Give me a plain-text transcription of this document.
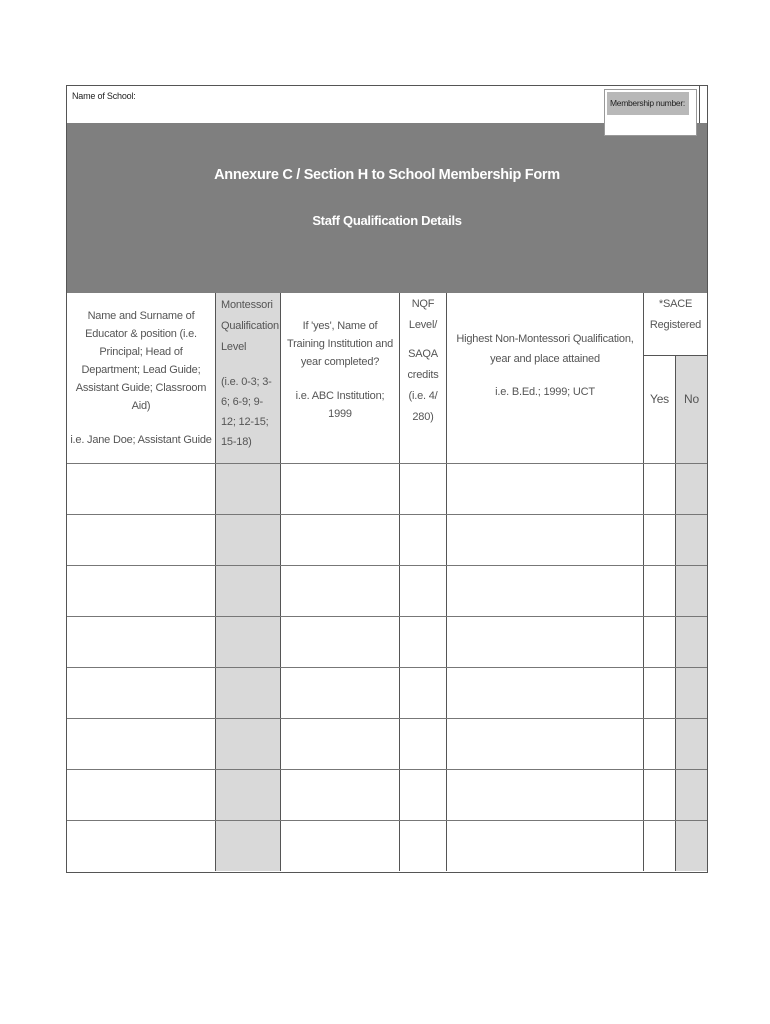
Name of School:
Membership number:
Annexure C / Section H to School Membership Form
Staff Qualification Details

Name and Surname of Educator & position (i.e. Principal; Head of Department; Lead Guide; Assistant Guide; Classroom Aid)

i.e. Jane Doe; Assistant Guide

Montessori Qualification Level

(i.e. 0-3; 3-6; 6-9; 9-12; 12-15; 15-18)

If 'yes', Name of Training Institution and year completed?

i.e. ABC Institution; 1999

NQF Level/

SAQA credits (i.e. 4/ 280)

Highest Non-Montessori Qualification, year and place attained

i.e. B.Ed.; 1999; UCT

*SACE Registered
Yes	No
